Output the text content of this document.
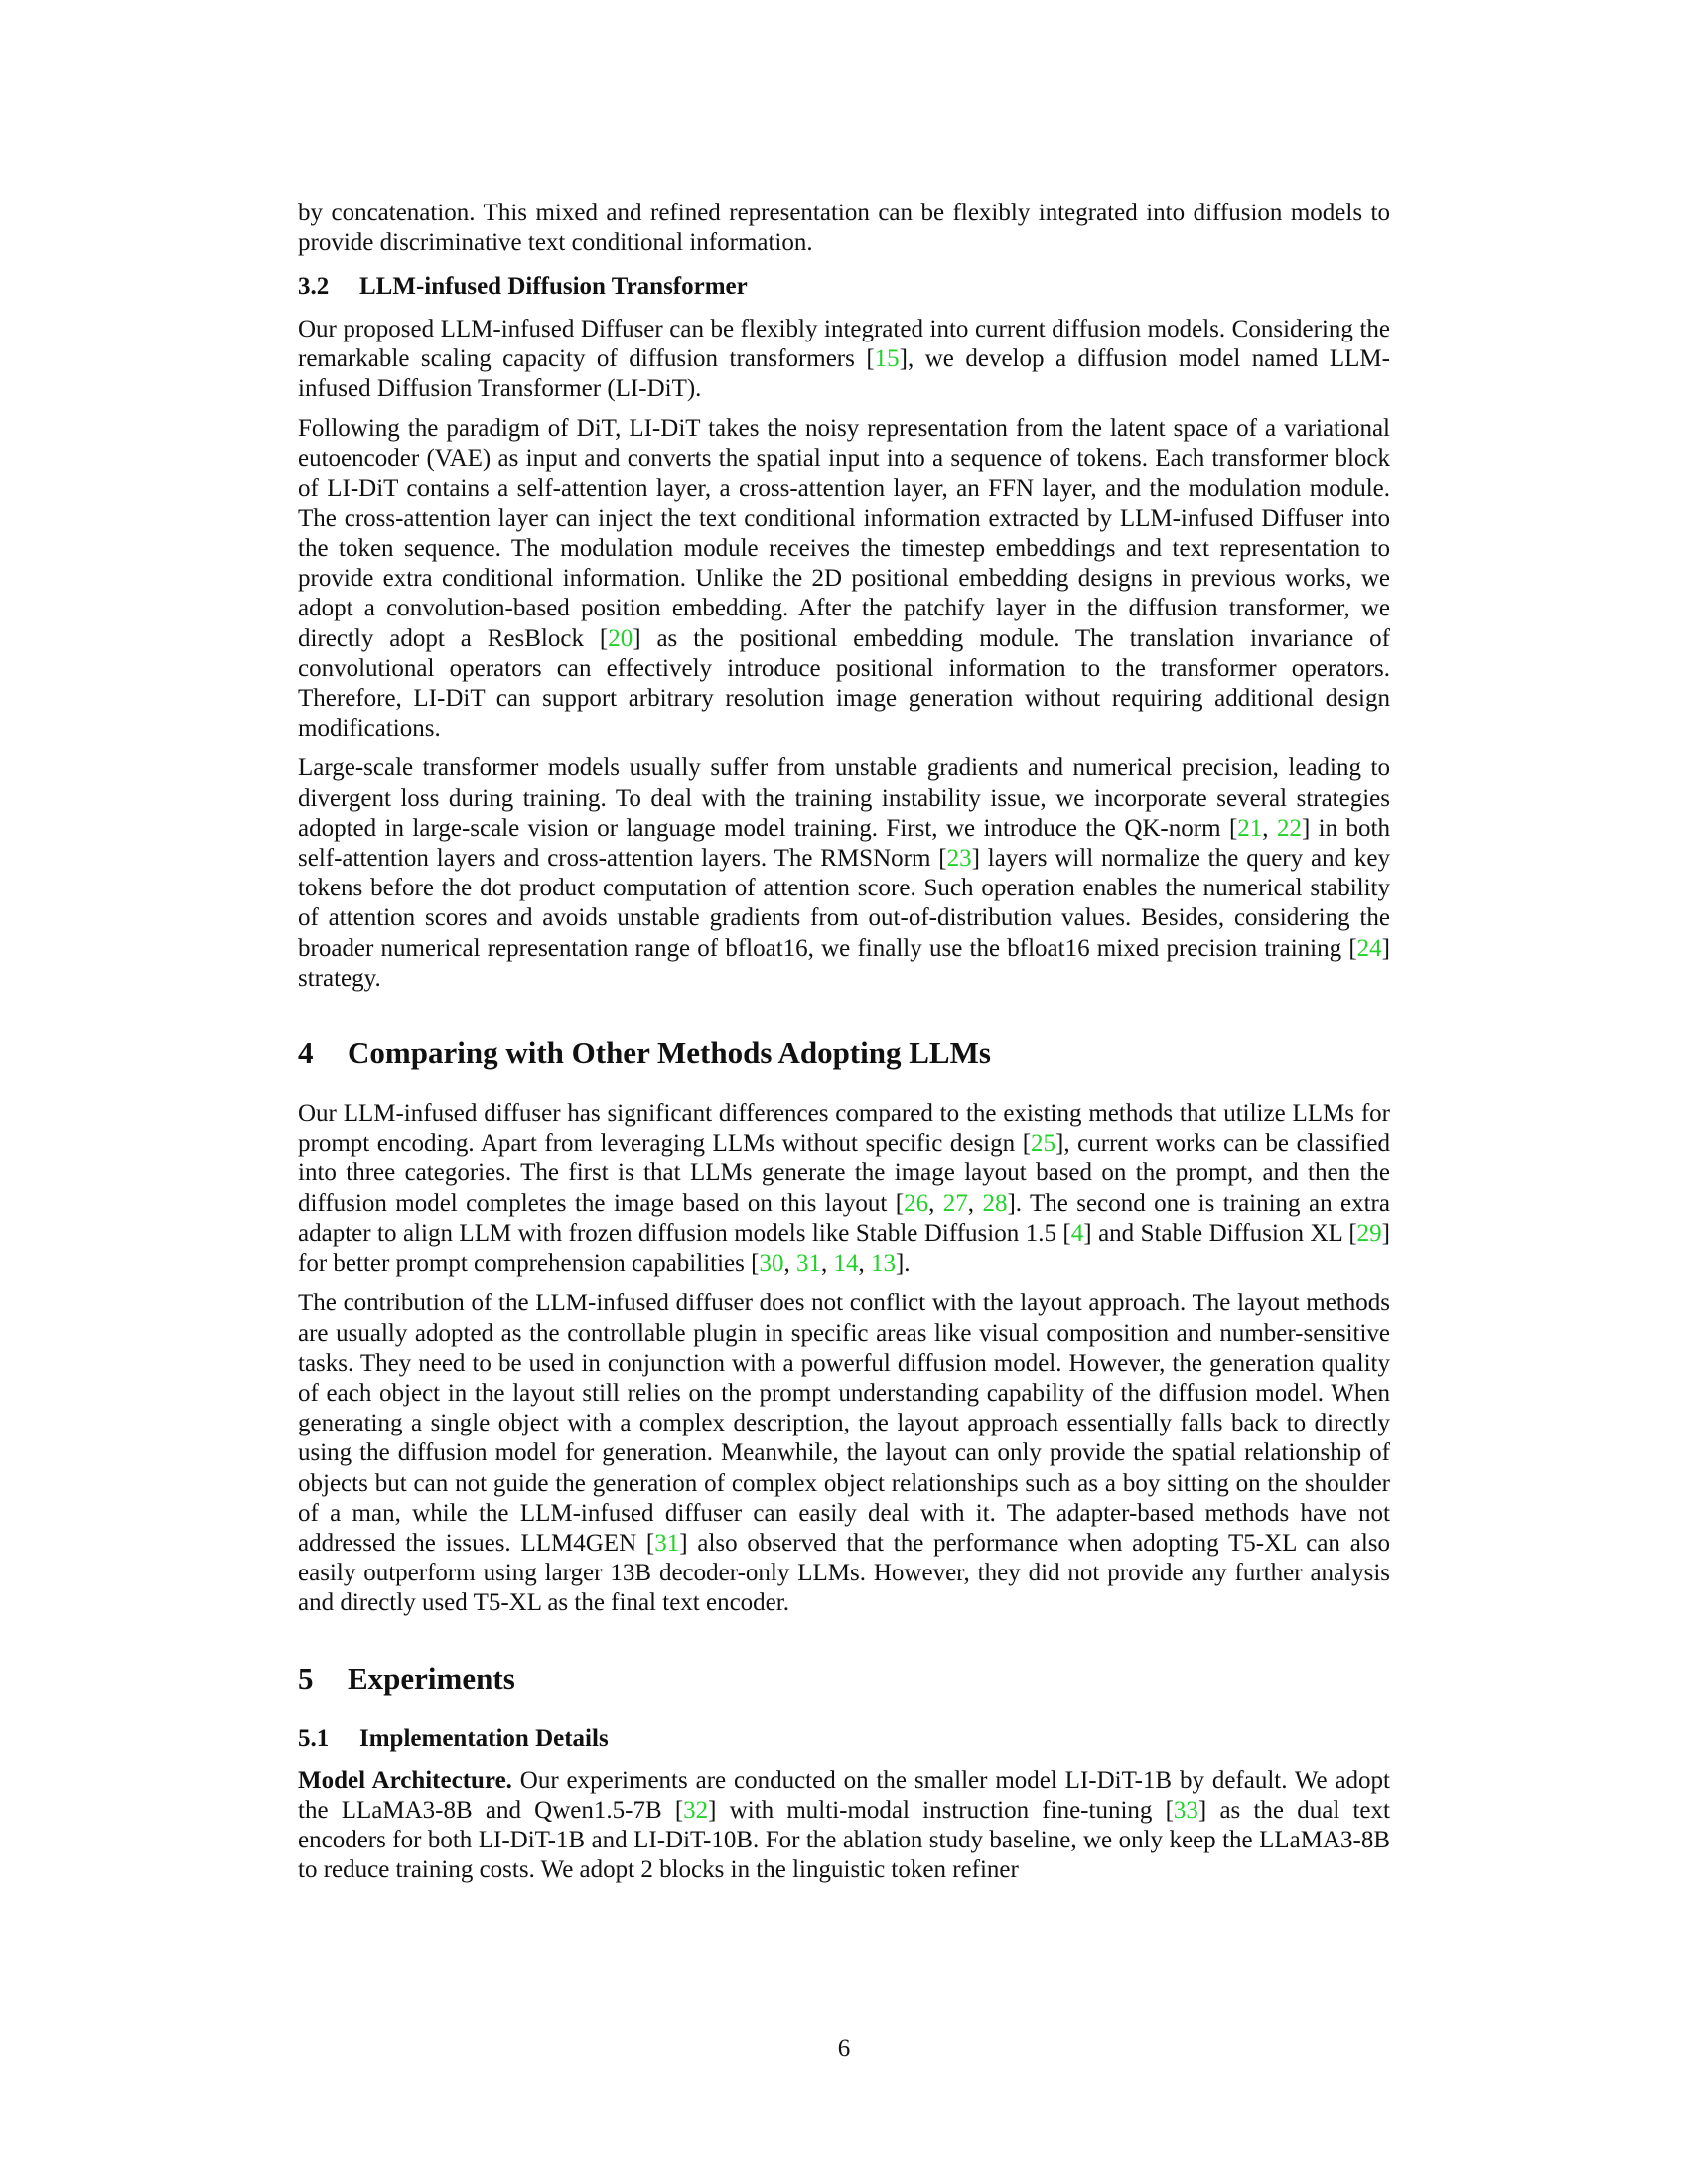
by concatenation. This mixed and refined representation can be flexibly integrated into diffusion models to provide discriminative text conditional information.

3.2 LLM-infused Diffusion Transformer

Our proposed LLM-infused Diffuser can be flexibly integrated into current diffusion models. Considering the remarkable scaling capacity of diffusion transformers [15], we develop a diffusion model named LLM-infused Diffusion Transformer (LI-DiT).

Following the paradigm of DiT, LI-DiT takes the noisy representation from the latent space of a variational eutoencoder (VAE) as input and converts the spatial input into a sequence of tokens. Each transformer block of LI-DiT contains a self-attention layer, a cross-attention layer, an FFN layer, and the modulation module. The cross-attention layer can inject the text conditional information extracted by LLM-infused Diffuser into the token sequence. The modulation module receives the timestep embeddings and text representation to provide extra conditional information. Unlike the 2D positional embedding designs in previous works, we adopt a convolution-based position embedding. After the patchify layer in the diffusion transformer, we directly adopt a ResBlock [20] as the positional embedding module. The translation invariance of convolutional operators can effectively introduce positional information to the transformer operators. Therefore, LI-DiT can support arbitrary resolution image generation without requiring additional design modifications.

Large-scale transformer models usually suffer from unstable gradients and numerical precision, leading to divergent loss during training. To deal with the training instability issue, we incorporate several strategies adopted in large-scale vision or language model training. First, we introduce the QK-norm [21, 22] in both self-attention layers and cross-attention layers. The RMSNorm [23] layers will normalize the query and key tokens before the dot product computation of attention score. Such operation enables the numerical stability of attention scores and avoids unstable gradients from out-of-distribution values. Besides, considering the broader numerical representation range of bfloat16, we finally use the bfloat16 mixed precision training [24] strategy.

4 Comparing with Other Methods Adopting LLMs

Our LLM-infused diffuser has significant differences compared to the existing methods that utilize LLMs for prompt encoding. Apart from leveraging LLMs without specific design [25], current works can be classified into three categories. The first is that LLMs generate the image layout based on the prompt, and then the diffusion model completes the image based on this layout [26, 27, 28]. The second one is training an extra adapter to align LLM with frozen diffusion models like Stable Diffusion 1.5 [4] and Stable Diffusion XL [29] for better prompt comprehension capabilities [30, 31, 14, 13].

The contribution of the LLM-infused diffuser does not conflict with the layout approach. The layout methods are usually adopted as the controllable plugin in specific areas like visual composition and number-sensitive tasks. They need to be used in conjunction with a powerful diffusion model. However, the generation quality of each object in the layout still relies on the prompt understanding capability of the diffusion model. When generating a single object with a complex description, the layout approach essentially falls back to directly using the diffusion model for generation. Meanwhile, the layout can only provide the spatial relationship of objects but can not guide the generation of complex object relationships such as a boy sitting on the shoulder of a man, while the LLM-infused diffuser can easily deal with it. The adapter-based methods have not addressed the issues. LLM4GEN [31] also observed that the performance when adopting T5-XL can also easily outperform using larger 13B decoder-only LLMs. However, they did not provide any further analysis and directly used T5-XL as the final text encoder.

5 Experiments
5.1 Implementation Details

Model Architecture. Our experiments are conducted on the smaller model LI-DiT-1B by default. We adopt the LLaMA3-8B and Qwen1.5-7B [32] with multi-modal instruction fine-tuning [33] as the dual text encoders for both LI-DiT-1B and LI-DiT-10B. For the ablation study baseline, we only keep the LLaMA3-8B to reduce training costs. We adopt 2 blocks in the linguistic token refiner

6
